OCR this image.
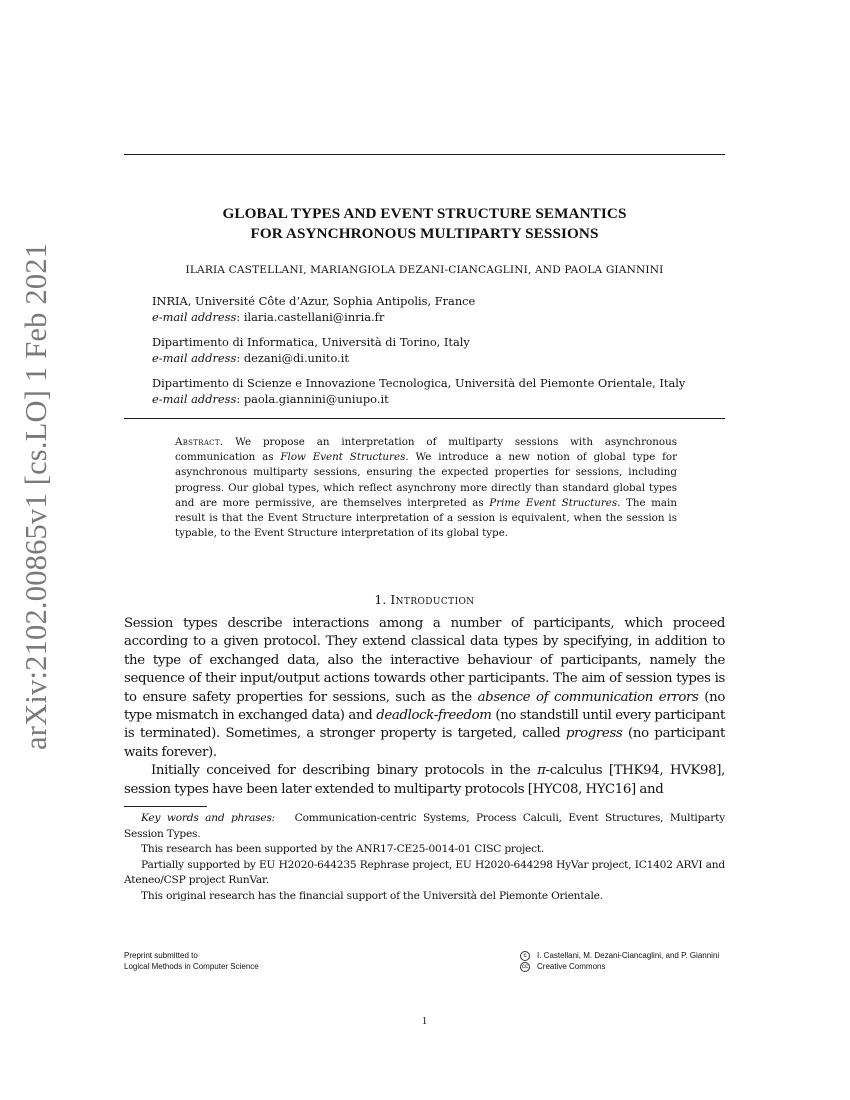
arXiv:2102.00865v1 [cs.LO] 1 Feb 2021
GLOBAL TYPES AND EVENT STRUCTURE SEMANTICS
FOR ASYNCHRONOUS MULTIPARTY SESSIONS
ILARIA CASTELLANI, MARIANGIOLA DEZANI-CIANCAGLINI, AND PAOLA GIANNINI
INRIA, Université Côte d’Azur, Sophia Antipolis, France
e-mail address: ilaria.castellani@inria.fr
Dipartimento di Informatica, Università di Torino, Italy
e-mail address: dezani@di.unito.it
Dipartimento di Scienze e Innovazione Tecnologica, Università del Piemonte Orientale, Italy
e-mail address: paola.giannini@uniupo.it
Abstract. We propose an interpretation of multiparty sessions with asynchronous communication as Flow Event Structures. We introduce a new notion of global type for asynchronous multiparty sessions, ensuring the expected properties for sessions, including progress. Our global types, which reflect asynchrony more directly than standard global types and are more permissive, are themselves interpreted as Prime Event Structures. The main result is that the Event Structure interpretation of a session is equivalent, when the session is typable, to the Event Structure interpretation of its global type.
1. Introduction

Session types describe interactions among a number of participants, which proceed according to a given protocol. They extend classical data types by specifying, in addition to the type of exchanged data, also the interactive behaviour of participants, namely the sequence of their input/output actions towards other participants. The aim of session types is to ensure safety properties for sessions, such as the absence of communication errors (no type mismatch in exchanged data) and deadlock-freedom (no standstill until every participant is terminated). Sometimes, a stronger property is targeted, called progress (no participant waits forever).

Initially conceived for describing binary protocols in the π-calculus [THK94, HVK98], session types have been later extended to multiparty protocols [HYC08, HYC16] and

Key words and phrases: Communication-centric Systems, Process Calculi, Event Structures, Multiparty Session Types.

This research has been supported by the ANR17-CE25-0014-01 CISC project.

Partially supported by EU H2020-644235 Rephrase project, EU H2020-644298 HyVar project, IC1402 ARVI and Ateneo/CSP project RunVar.

This original research has the financial support of the Università del Piemonte Orientale.

Preprint submitted to
Logical Methods in Computer Science
c	I. Castellani, M. Dezani-Ciancaglini, and P. Giannini
cc Creative Commons
1
